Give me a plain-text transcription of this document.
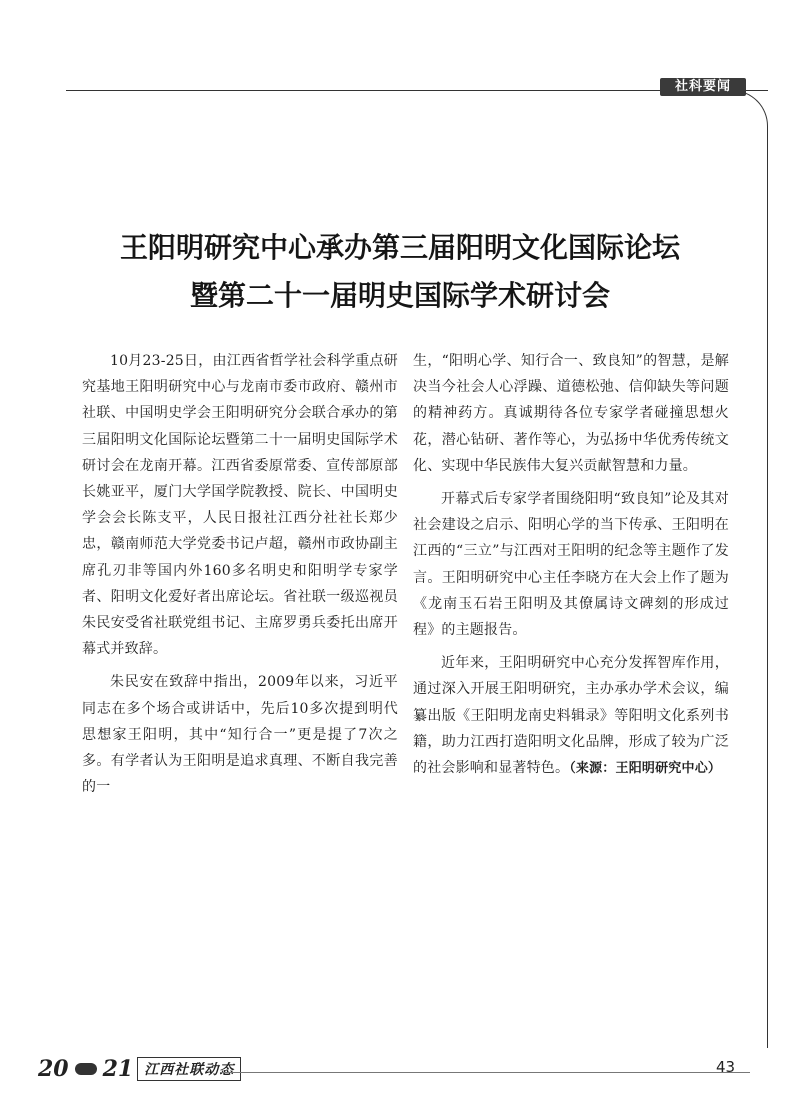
社科要闻
王阳明研究中心承办第三届阳明文化国际论坛
暨第二十一届明史国际学术研讨会

10月23-25日，由江西省哲学社会科学重点研究基地王阳明研究中心与龙南市委市政府、赣州市社联、中国明史学会王阳明研究分会联合承办的第三届阳明文化国际论坛暨第二十一届明史国际学术研讨会在龙南开幕。江西省委原常委、宣传部原部长姚亚平，厦门大学国学院教授、院长、中国明史学会会长陈支平，人民日报社江西分社社长郑少忠，赣南师范大学党委书记卢超，赣州市政协副主席孔刃非等国内外160多名明史和阳明学专家学者、阳明文化爱好者出席论坛。省社联一级巡视员朱民安受省社联党组书记、主席罗勇兵委托出席开幕式并致辞。

朱民安在致辞中指出，2009年以来，习近平同志在多个场合或讲话中，先后10多次提到明代思想家王阳明，其中“知行合一”更是提了7次之多。有学者认为王阳明是追求真理、不断自我完善的一

生，“阳明心学、知行合一、致良知”的智慧，是解决当今社会人心浮躁、道德松弛、信仰缺失等问题的精神药方。真诚期待各位专家学者碰撞思想火花，潜心钻研、著作等心，为弘扬中华优秀传统文化、实现中华民族伟大复兴贡献智慧和力量。

开幕式后专家学者围绕阳明“致良知”论及其对社会建设之启示、阳明心学的当下传承、王阳明在江西的“三立”与江西对王阳明的纪念等主题作了发言。王阳明研究中心主任李晓方在大会上作了题为《龙南玉石岩王阳明及其僚属诗文碑刻的形成过程》的主题报告。

近年来，王阳明研究中心充分发挥智库作用，通过深入开展王阳明研究，主办承办学术会议，编纂出版《王阳明龙南史料辑录》等阳明文化系列书籍，助力江西打造阳明文化品牌，形成了较为广泛的社会影响和显著特色。（来源：王阳明研究中心）

20 21 江西社联动态	43
